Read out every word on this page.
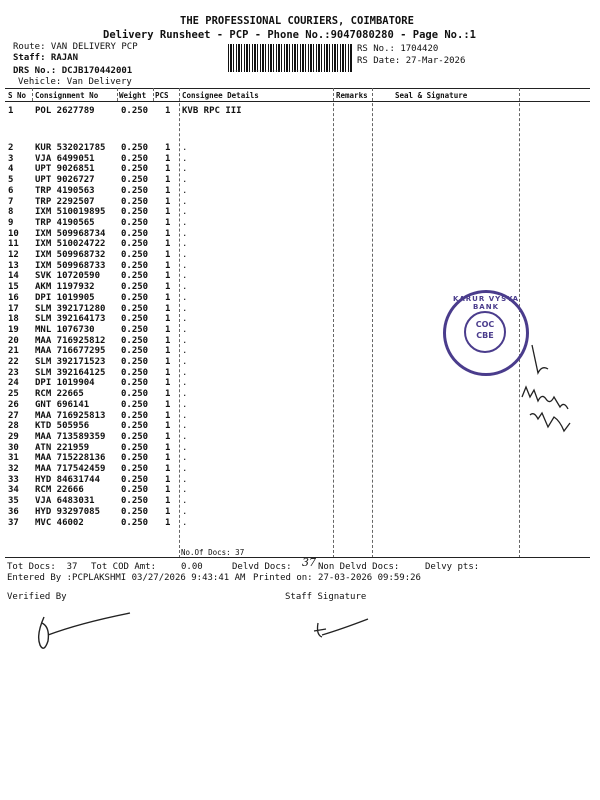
THE PROFESSIONAL COURIERS, COIMBATORE
Delivery Runsheet - PCP - Phone No.:9047080280 - Page No.:1
Route: VAN DELIVERY PCP
Staff: RAJAN
DRS No.: DCJB170442001
Vehicle: Van Delivery
RS No.: 1704420
RS Date: 27-Mar-2026
S No Consignment No	Weight PCS Consignee Details	Remarks	Seal & Signature
1 POL 2627789	0.250 1 KVB RPC III
2 KUR 532021785 0.250 1 .
3 VJA 6499051	0.250 1 .
4 UPT 9026851	0.250 1 .
5 UPT 9026727	0.250 1 .
6 TRP 4190563	0.250 1 .
7 TRP 2292507	0.250 1 .
8 IXM 510019895 0.250 1 .
9 TRP 4190565	0.250 1 .
10 IXM 509968734 0.250 1 .
11 IXM 510024722 0.250 1 .
12 IXM 509968732 0.250 1 .
13 IXM 509968733 0.250 1 .
14 SVK 10720590 0.250 1 .
15 AKM 1197932	0.250 1 .
16 DPI 1019905	0.250 1 .
17 SLM 392171280 0.250 1 .
18 SLM 392164173 0.250 1 .
19 MNL 1076730	0.250 1 .
20 MAA 716925812 0.250 1 .
21 MAA 716677295 0.250 1 .
22 SLM 392171523 0.250 1 .
23 SLM 392164125 0.250 1 .
24 DPI 1019904	0.250 1 .
25 RCM 22665	0.250 1 .
26 GNT 696141	0.250 1 .
27 MAA 716925813 0.250 1 .
28 KTD 505956	0.250 1 .
29 MAA 713589359 0.250 1 .
30 ATN 221959	0.250 1 .
31 MAA 715228136 0.250 1 .
32 MAA 717542459 0.250 1 .
33 HYD 84631744 0.250 1 .
34 RCM 22666	0.250 1 .
35 VJA 6483031	0.250 1 .
36 HYD 93297085 0.250 1 .
37 MVC 46002	0.250 1 .
No.Of Docs: 37
KARUR VYSYA BANK
COC
CBE
Tot Docs:  37 Tot COD Amt:	0.00	Delvd Docs: 37 Non Delvd Docs:	Delvy pts:
Entered By :PCPLAKSHMI 03/27/2026 9:43:41 AM Printed on: 27-03-2026 09:59:26
Verified By	Staff Signature
